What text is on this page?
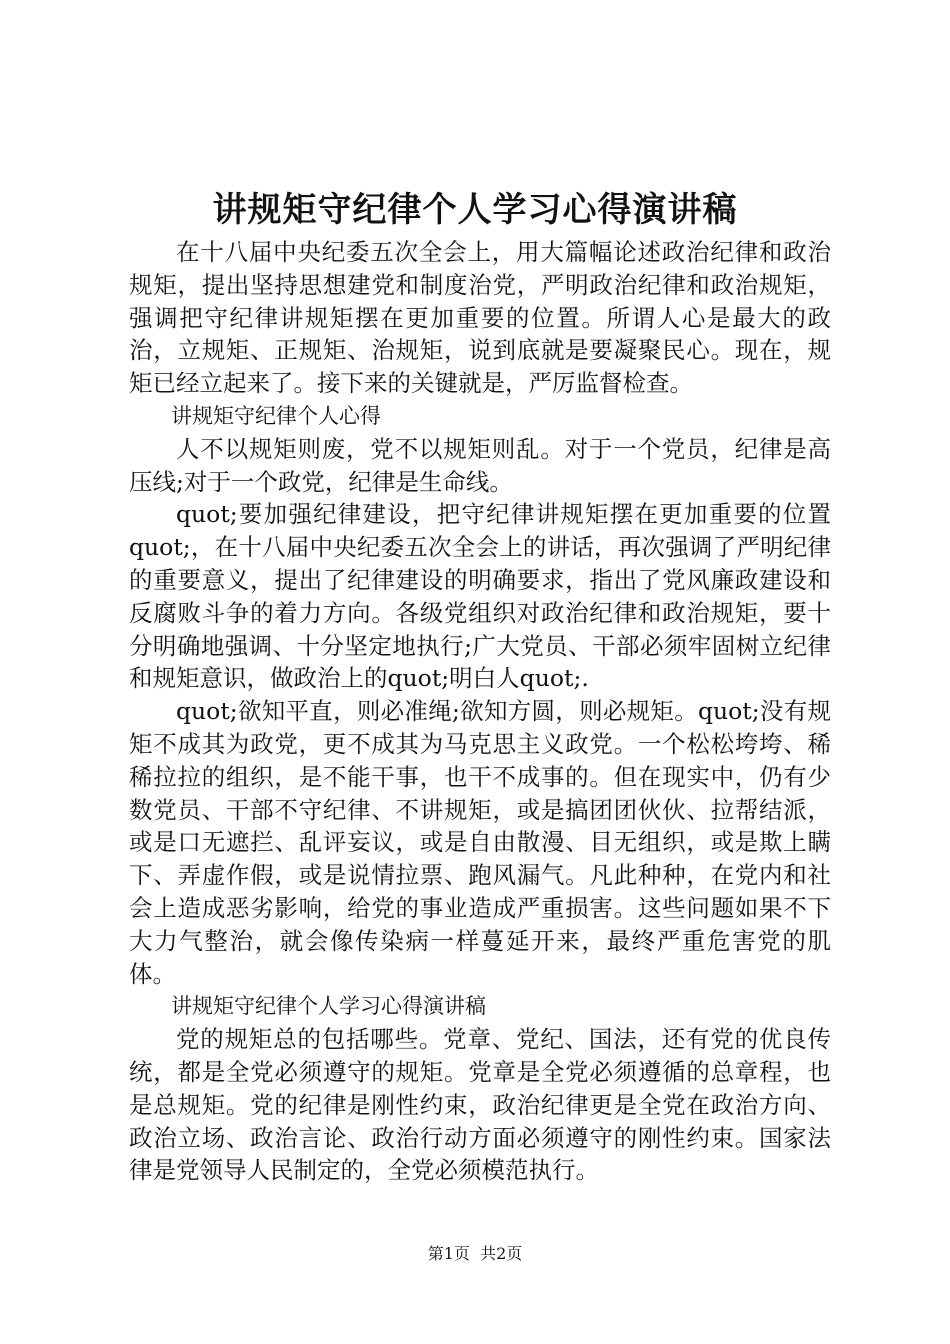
讲规矩守纪律个人学习心得演讲稿

在十八届中央纪委五次全会上，用大篇幅论述政治纪律和政治规矩，提出坚持思想建党和制度治党，严明政治纪律和政治规矩，强调把守纪律讲规矩摆在更加重要的位置。所谓人心是最大的政治，立规矩、正规矩、治规矩，说到底就是要凝聚民心。现在，规矩已经立起来了。接下来的关键就是，严厉监督检查。

讲规矩守纪律个人心得

人不以规矩则废，党不以规矩则乱。对于一个党员，纪律是高压线;对于一个政党，纪律是生命线。

quot;要加强纪律建设，把守纪律讲规矩摆在更加重要的位置quot;，在十八届中央纪委五次全会上的讲话，再次强调了严明纪律的重要意义，提出了纪律建设的明确要求，指出了党风廉政建设和反腐败斗争的着力方向。各级党组织对政治纪律和政治规矩，要十分明确地强调、十分坚定地执行;广大党员、干部必须牢固树立纪律和规矩意识，做政治上的quot;明白人quot;.

quot;欲知平直，则必准绳;欲知方圆，则必规矩。quot;没有规矩不成其为政党，更不成其为马克思主义政党。一个松松垮垮、稀稀拉拉的组织，是不能干事，也干不成事的。但在现实中，仍有少数党员、干部不守纪律、不讲规矩，或是搞团团伙伙、拉帮结派，或是口无遮拦、乱评妄议，或是自由散漫、目无组织，或是欺上瞒下、弄虚作假，或是说情拉票、跑风漏气。凡此种种，在党内和社会上造成恶劣影响，给党的事业造成严重损害。这些问题如果不下大力气整治，就会像传染病一样蔓延开来，最终严重危害党的肌体。

讲规矩守纪律个人学习心得演讲稿

党的规矩总的包括哪些。党章、党纪、国法，还有党的优良传统，都是全党必须遵守的规矩。党章是全党必须遵循的总章程，也是总规矩。党的纪律是刚性约束，政治纪律更是全党在政治方向、政治立场、政治言论、政治行动方面必须遵守的刚性约束。国家法律是党领导人民制定的，全党必须模范执行。

第1页 共2页
